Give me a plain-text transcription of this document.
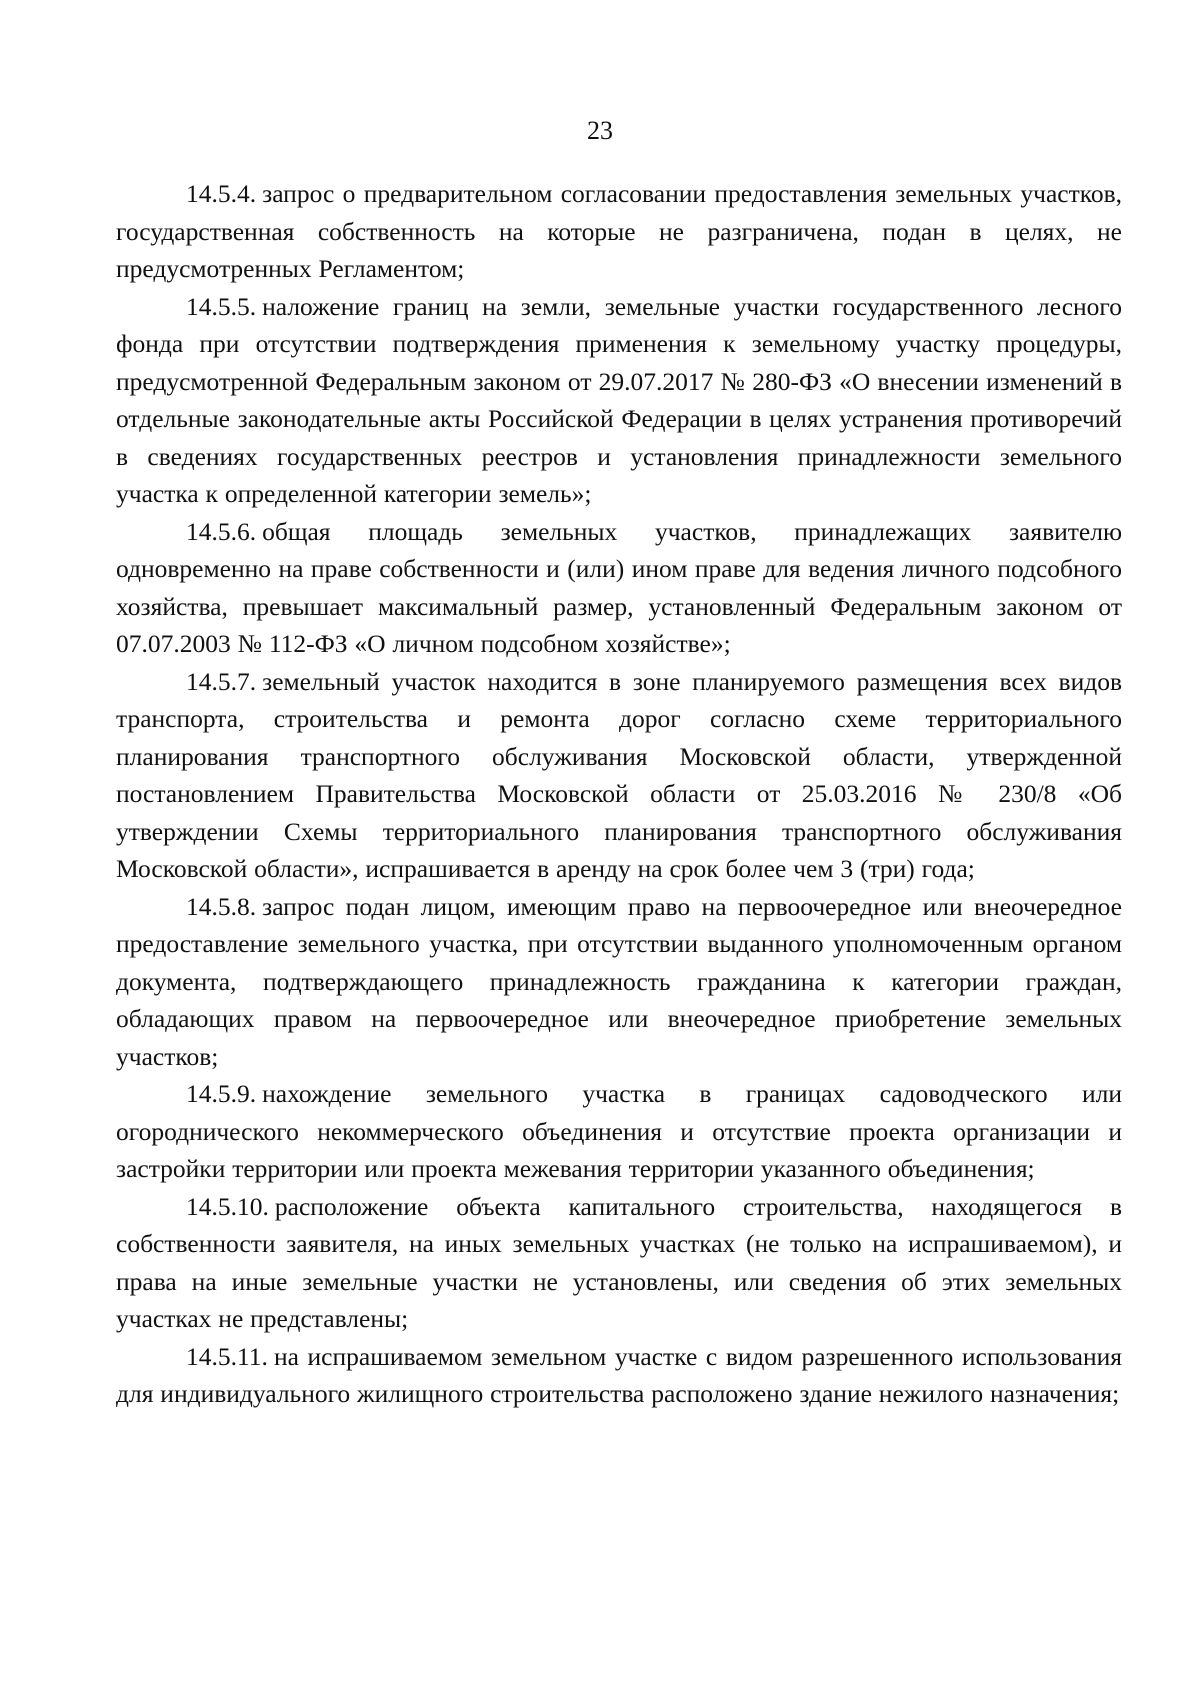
23

14.5.4. запрос о предварительном согласовании предоставления земельных участков, государственная собственность на которые не разграничена, подан в целях, не предусмотренных Регламентом;

14.5.5. наложение границ на земли, земельные участки государственного лесного фонда при отсутствии подтверждения применения к земельному участку процедуры, предусмотренной Федеральным законом от 29.07.2017 № 280-ФЗ «О внесении изменений в отдельные законодательные акты Российской Федерации в целях устранения противоречий в сведениях государственных реестров и установления принадлежности земельного участка к определенной категории земель»;

14.5.6. общая площадь земельных участков, принадлежащих заявителю одновременно на праве собственности и (или) ином праве для ведения личного подсобного хозяйства, превышает максимальный размер, установленный Федеральным законом от 07.07.2003 № 112-ФЗ «О личном подсобном хозяйстве»;

14.5.7. земельный участок находится в зоне планируемого размещения всех видов транспорта, строительства и ремонта дорог согласно схеме территориального планирования транспортного обслуживания Московской области, утвержденной постановлением Правительства Московской области от 25.03.2016 № 230/8 «Об утверждении Схемы территориального планирования транспортного обслуживания Московской области», испрашивается в аренду на срок более чем 3 (три) года;

14.5.8. запрос подан лицом, имеющим право на первоочередное или внеочередное предоставление земельного участка, при отсутствии выданного уполномоченным органом документа, подтверждающего принадлежность гражданина к категории граждан, обладающих правом на первоочередное или внеочередное приобретение земельных участков;

14.5.9. нахождение земельного участка в границах садоводческого или огороднического некоммерческого объединения и отсутствие проекта организации и застройки территории или проекта межевания территории указанного объединения;

14.5.10. расположение объекта капитального строительства, находящегося в собственности заявителя, на иных земельных участках (не только на испрашиваемом), и права на иные земельные участки не установлены, или сведения об этих земельных участках не представлены;

14.5.11. на испрашиваемом земельном участке с видом разрешенного использования для индивидуального жилищного строительства расположено здание нежилого назначения;
